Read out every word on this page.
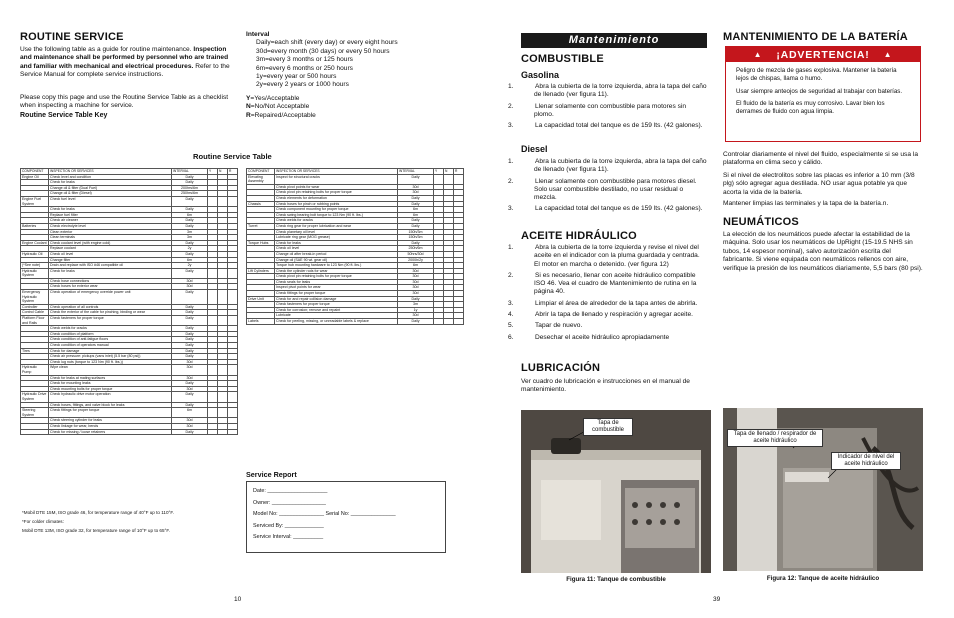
ROUTINE SERVICE
Use the following table as a guide for routine maintenance. Inspection and maintenance shall be performed by personnel who are trained and familiar with mechanical and electrical procedures. Refer to the Service Manual for complete service instructions.
Please copy this page and use the Routine Service Table as a checklist when inspecting a machine for service.
Routine Service Table Key
Interval
Daily=each shift (every day) or every eight hours
30d=every month (30 days) or every 50 hours
3m=every 3 months or 125 hours
6m=every 6 months or 250 hours
1y=every year or 500 hours
2y=every 2 years or 1000 hours
Y=Yes/Acceptable
N=No/Not Acceptable
R=Repaired/Acceptable
Routine Service Table
COMPONENT	INSPECTION OR SERVICES	INTERVAL	Y	N	R
Engine Oil	Check level and condition	Daily			
	Check for leaks	Daily			
	Change oil & filter (Dual Fuel)	200hrs/6m			
	Change oil & filter (Diesel)	250hrs/6m			
Engine Fuel System	Check fuel level	Daily			
	Check for leaks	Daily			
	Replace fuel filter	6m			
	Check air cleaner	Daily			
Batteries	Check electrolyte level	Daily			
	Clean exterior	3m			
	Clean terminals	3m			
Engine Coolant	Check coolant level (with engine cold)	Daily			
	Replace coolant	2y			
Hydraulic Oil	Check oil level	Daily			
	Change filter	6m			
(*See note)	Drain and replace with ISO #46 compatible oil	2y			
Hydraulic System	Check for leaks	Daily			
	Check hose connections	30d			
	Check hoses for exterior wear	30d			
Emergency Hydraulic System	Check operation of emergency override power unit	Daily			
Controller	Check operation of all controls	Daily			
Control Cable	Check the exterior of the cable for pinching, binding or wear	Daily			
Platform Floor and Rails	Check fasteners for proper torque	Daily			
	Check welds for cracks	Daily			
	Check condition of platform	Daily			
	Check condition of anti-fatigue floors	Daily			
	Check condition of operators manual	Daily			
Tires	Check for damage	Daily			
	Check air pressure: pickups (vans inlet) (5.5 bar (80 psi))	Daily			
	Check lug nuts (torque to 123 Nm (90 ft. lbs.))	30d			
Hydraulic Pump	Wipe clean	30d			
	Check for leaks at mating surfaces	30d			
	Check for mounting leaks	Daily			
	Check mounting bolts for proper torque	30d			
Hydraulic Drive System	Check hydraulic drive motor operation	Daily			
	Check hoses, fittings, and valve block for leaks	Daily			
Steering System	Check fittings for proper torque	6m			
	Check steering cylinder for leaks	30d			
	Check linkage for wear, bends	30d			
	Check for missing / loose retainers	Daily			
COMPONENT	INSPECTION OR SERVICES	INTERVAL	Y	N	R
Elevating Assembly	Inspect for structural cracks	Daily			
	Check pivot points for wear	30d			
	Check pivot pin retaining bolts for proper torque	30d			
	Check elements for deformation	Daily			
Chassis	Check hoses for pinch or rubbing points	Daily			
	Check component mounting for proper torque	6m			
	Check swing bearing bolt torque to 123 Nm (90 ft. lbs.)	6m			
	Check welds for cracks	Daily			
Turret	Check ring gear for proper lubrication and wear	Daily			
	Check planetary oil level	150h/3m			
	Lubricate ring gear (MOG grease)	150h/3m			
Torque Hubs	Check for leaks	Daily			
	Check oil level	250h/6m			
	Change oil after break-in period	50hrs/30d			
	Change oil (SAE 90 wt. gear oil)	2000h/2y			
	Torque hub mounting hardware to 123 Nm (90 ft. lbs.)	6m			
Lift Cylinders	Check the cylinder rods for wear	30d			
	Check pivot pin retaining bolts for proper torque	30d			
	Check seals for leaks	30d			
	Inspect pivot points for wear	30d			
	Check fittings for proper torque	30d			
Drive Unit	Check for and repair collision damage	Daily			
	Check fasteners for proper torque	3m			
	Check for corrosion; remove and repaint	1y			
	Lubricate	30d			
Labels	Check for peeling, missing, or unreadable labels & replace	Daily			
*Mobil DTE 15M, ISO grade 46, for temperature range of 40°F up to 110°F.
*For colder climates:
Mobil DTE 13M, ISO grade 32, for temperature range of 10°F up to 65°F.
Service Report
Date: ____________________
Owner: __________________
Model No: _______________ Serial No: _______________
Serviced By: _____________
Service Interval: __________
10
Mantenimiento
COMBUSTIBLE
Gasolina
1.	Abra la cubierta de la torre izquierda, abra la tapa del caño de llenado (ver figura 11).
2.	Llenar solamente con combustible para motores sin plomo.
3.	La capacidad total del tanque es de 159 lts. (42 galones).
Diesel
1.	Abra la cubierta de la torre izquierda, abra la tapa del caño de llenado (ver figura 11).
2.	Llenar solamente con combustible para motores diesel. Solo usar combustible destilado, no usar residual o mezcla.
3.	La capacidad total del tanque es de 159 lts. (42 galones).
ACEITE HIDRÁULICO
1.	Abra la cubierta de la torre izquierda y revise el nivel del aceite en el indicador con la pluma guardada y centrada. El motor en marcha o detenido. (ver figura 12)
2.	Si es necesario, llenar con aceite hidráulico compatible ISO 46. Vea el cuadro de Mantenimiento de rutina en la página 40.
3.	Limpiar el área de alrededor de la tapa antes de abrirla.
4.	Abrir la tapa de llenado y respiración y agregar aceite.
5.	Tapar de nuevo.
6.	Desechar el aceite hidráulico apropiadamente
LUBRICACIÓN
Ver cuadro de lubricación e instrucciones en el manual de mantenimiento.
MANTENIMIENTO DE LA BATERÍA
▲ ¡ADVERTENCIA! ▲
Peligro de mezcla de gases explosiva. Mantener la batería lejos de chispas, llama o humo.
Usar siempre anteojos de seguridad al trabajar con baterías.
El fluido de la batería es muy corrosivo. Lavar bien los derrames de fluido con agua limpia.
Controlar diariamente el nivel del fluido, especialmente si se usa la plataforma en clima seco y cálido.
Si el nivel de electrolitos sobre las placas es inferior a 10 mm (3/8 plg) sólo agregar agua destilada. NO usar agua potable ya que acorta la vida de la batería.
Mantener limpias las terminales y la tapa de la batería.n.
NEUMÁTICOS
La elección de los neumáticos puede afectar la estabilidad de la máquina. Solo usar los neumáticos de UpRight (15-19.5 NHS sin tubos, 14 espesor nominal), salvo autorización escrita del fabricante. Si viene equipada con neumáticos rellenos con aire, verifique la presión de los neumáticos diariamente, 5,5 bars (80 psi).
Tapa de combustible
Figura 11: Tanque de combustible
Tapa de llenado / respirador de aceite hidráulico
Indicador de nivel del aceite hidráulico
Figura 12: Tanque de aceite hidráulico
39
